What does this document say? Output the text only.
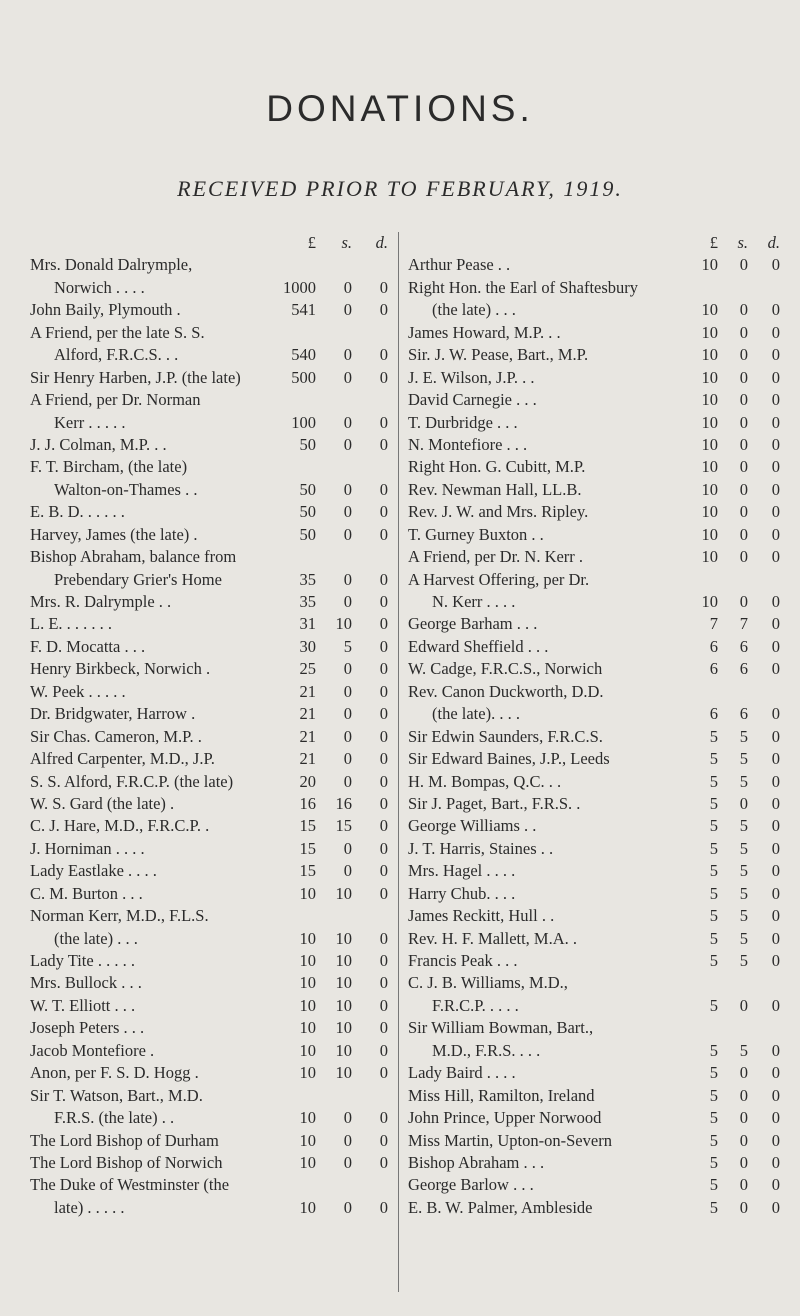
DONATIONS.
RECEIVED PRIOR TO FEBRUARY, 1919.
£	s.	d.
Mrs. Donald Dalrymple,
Norwich . . . .	1000	0	0
John Baily, Plymouth .	541	0	0
A Friend, per the late S. S.
Alford, F.R.C.S. . .	540	0	0
Sir Henry Harben, J.P. (the late)	500	0	0
A Friend, per Dr. Norman
Kerr . . . . .	100	0	0
J. J. Colman, M.P. . .	50	0	0
F. T. Bircham, (the late)
Walton-on-Thames . .	50	0	0
E. B. D. . . . . .	50	0	0
Harvey, James (the late) .	50	0	0
Bishop Abraham, balance from
Prebendary Grier's Home	35	0	0
Mrs. R. Dalrymple . .	35	0	0
L. E. . . . . . .	31	10	0
F. D. Mocatta . . .	30	5	0
Henry Birkbeck, Norwich .	25	0	0
W. Peek . . . . .	21	0	0
Dr. Bridgwater, Harrow .	21	0	0
Sir Chas. Cameron, M.P. .	21	0	0
Alfred Carpenter, M.D., J.P.	21	0	0
S. S. Alford, F.R.C.P. (the late)	20	0	0
W. S. Gard (the late) .	16	16	0
C. J. Hare, M.D., F.R.C.P. .	15	15	0
J. Horniman . . . .	15	0	0
Lady Eastlake . . . .	15	0	0
C. M. Burton . . .	10	10	0
Norman Kerr, M.D., F.L.S.
(the late) . . .	10	10	0
Lady Tite . . . . .	10	10	0
Mrs. Bullock . . .	10	10	0
W. T. Elliott . . .	10	10	0
Joseph Peters . . .	10	10	0
Jacob Montefiore .	10	10	0
Anon, per F. S. D. Hogg .	10	10	0
Sir T. Watson, Bart., M.D.
F.R.S. (the late) . .	10	0	0
The Lord Bishop of Durham	10	0	0
The Lord Bishop of Norwich	10	0	0
The Duke of Westminster (the
late) . . . . .	10	0	0
£	s.	d.
Arthur Pease . .	10	0	0
Right Hon. the Earl of Shaftesbury
(the late) . . .	10	0	0
James Howard, M.P. . .	10	0	0
Sir. J. W. Pease, Bart., M.P.	10	0	0
J. E. Wilson, J.P. . .	10	0	0
David Carnegie . . .	10	0	0
T. Durbridge . . .	10	0	0
N. Montefiore . . .	10	0	0
Right Hon. G. Cubitt, M.P.	10	0	0
Rev. Newman Hall, LL.B.	10	0	0
Rev. J. W. and Mrs. Ripley.	10	0	0
T. Gurney Buxton . .	10	0	0
A Friend, per Dr. N. Kerr .	10	0	0
A Harvest Offering, per Dr.
N. Kerr . . . .	10	0	0
George Barham . . .	7	7	0
Edward Sheffield . . .	6	6	0
W. Cadge, F.R.C.S., Norwich	6	6	0
Rev. Canon Duckworth, D.D.
(the late). . . .	6	6	0
Sir Edwin Saunders, F.R.C.S.	5	5	0
Sir Edward Baines, J.P., Leeds	5	5	0
H. M. Bompas, Q.C. . .	5	5	0
Sir J. Paget, Bart., F.R.S. .	5	0	0
George Williams . .	5	5	0
J. T. Harris, Staines . .	5	5	0
Mrs. Hagel . . . .	5	5	0
Harry Chub. . . .	5	5	0
James Reckitt, Hull . .	5	5	0
Rev. H. F. Mallett, M.A. .	5	5	0
Francis Peak . . .	5	5	0
C. J. B. Williams, M.D.,
F.R.C.P. . . . .	5	0	0
Sir William Bowman, Bart.,
M.D., F.R.S. . . .	5	5	0
Lady Baird . . . .	5	0	0
Miss Hill, Ramilton, Ireland	5	0	0
John Prince, Upper Norwood	5	0	0
Miss Martin, Upton-on-Severn	5	0	0
Bishop Abraham . . .	5	0	0
George Barlow . . .	5	0	0
E. B. W. Palmer, Ambleside	5	0	0
